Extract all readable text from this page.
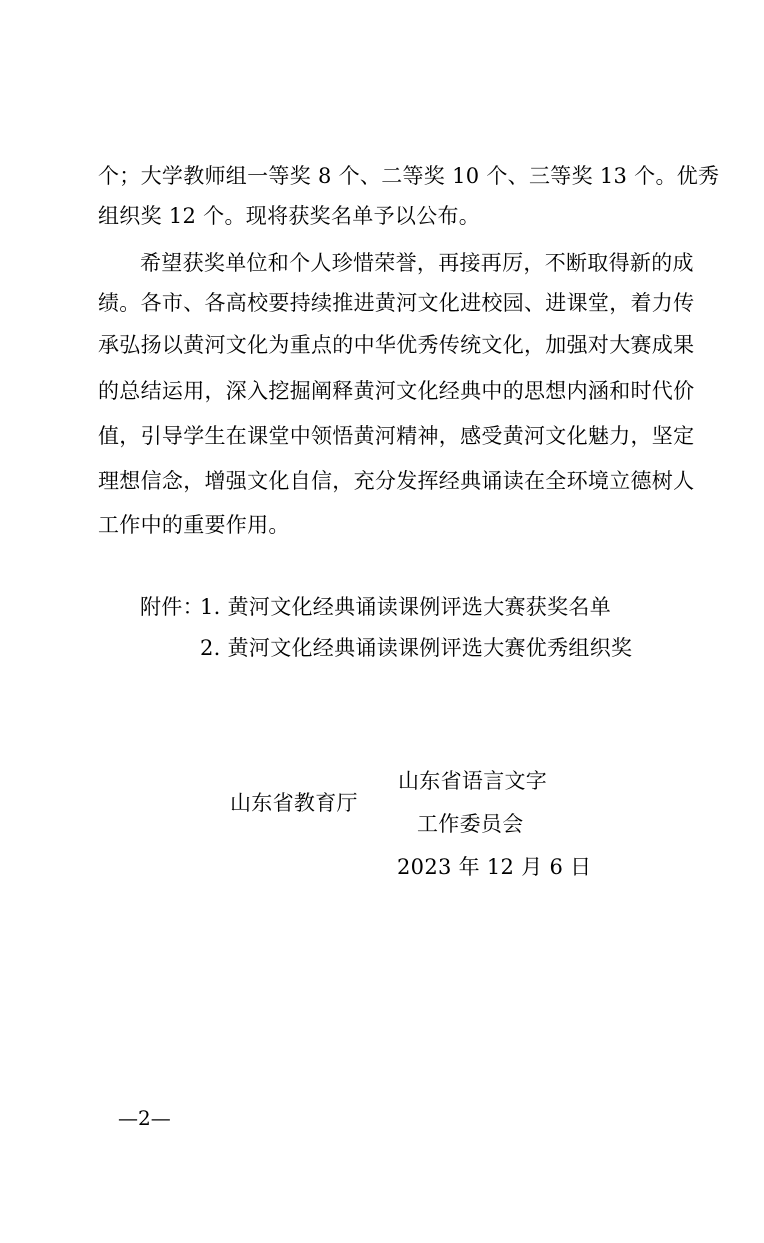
个；大学教师组一等奖 8 个、二等奖 10 个、三等奖 13 个。优秀
组织奖 12 个。现将获奖名单予以公布。
希望获奖单位和个人珍惜荣誉，再接再厉，不断取得新的成
绩。各市、各高校要持续推进黄河文化进校园、进课堂，着力传
承弘扬以黄河文化为重点的中华优秀传统文化，加强对大赛成果
的总结运用，深入挖掘阐释黄河文化经典中的思想内涵和时代价
值，引导学生在课堂中领悟黄河精神，感受黄河文化魅力，坚定
理想信念，增强文化自信，充分发挥经典诵读在全环境立德树人
工作中的重要作用。
附件：
1. 黄河文化经典诵读课例评选大赛获奖名单
2. 黄河文化经典诵读课例评选大赛优秀组织奖
山东省教育厅
山东省语言文字
工作委员会
2023 年 12 月 6 日
—2—
